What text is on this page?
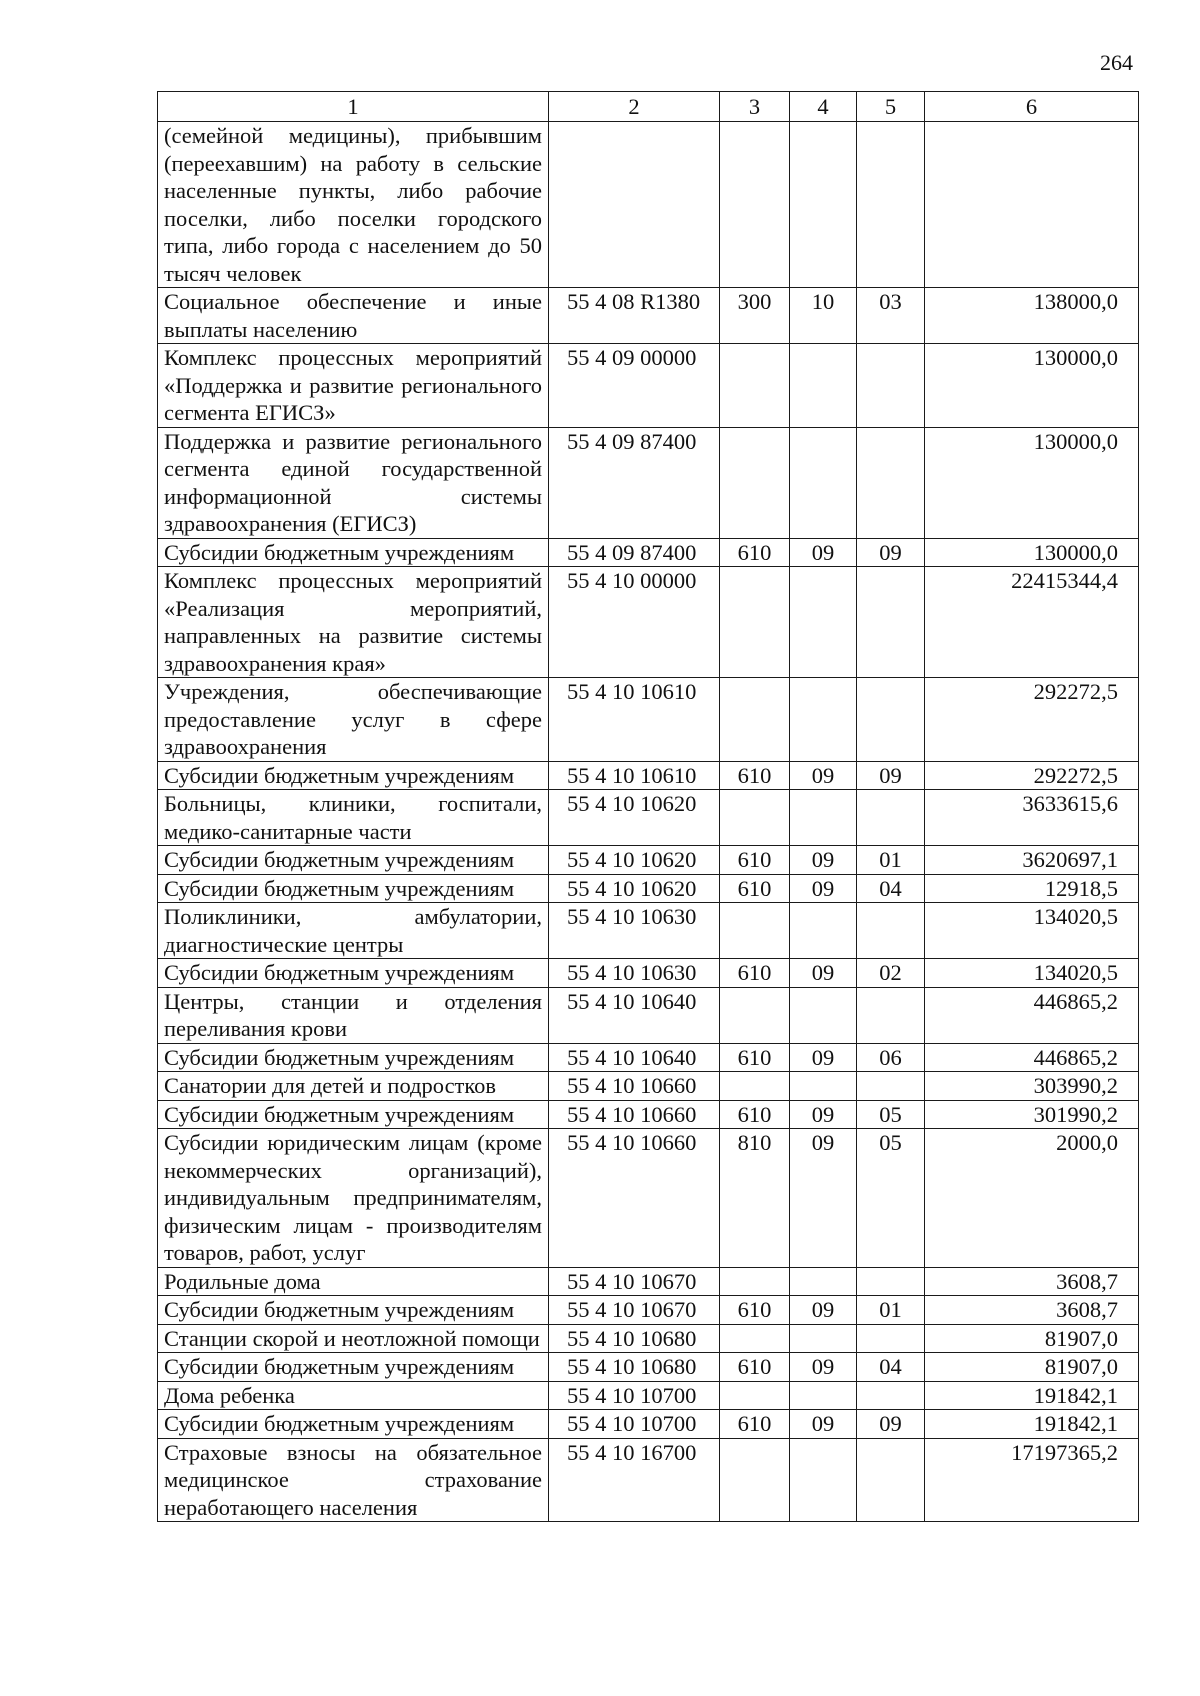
264
1	2	3	4	5	6
(семейной медицины), прибывшим (переехавшим) на работу в сельские населенные пункты, либо рабочие поселки, либо поселки городского типа, либо города с населением до 50 тысяч человек					
Социальное обеспечение и иные выплаты населению	55 4 08 R1380	300	10	03	138000,0
Комплекс процессных мероприятий «Поддержка и развитие регионального сегмента ЕГИСЗ»	55 4 09 00000				130000,0
Поддержка и развитие регионального сегмента единой государственной информационной системы здравоохранения (ЕГИСЗ)	55 4 09 87400				130000,0
Субсидии бюджетным учреждениям	55 4 09 87400	610	09	09	130000,0
Комплекс процессных мероприятий «Реализация мероприятий, направленных на развитие системы здравоохранения края»	55 4 10 00000				22415344,4
Учреждения, обеспечивающие предоставление услуг в сфере здравоохранения	55 4 10 10610				292272,5
Субсидии бюджетным учреждениям	55 4 10 10610	610	09	09	292272,5
Больницы, клиники, госпитали, медико-санитарные части	55 4 10 10620				3633615,6
Субсидии бюджетным учреждениям	55 4 10 10620	610	09	01	3620697,1
Субсидии бюджетным учреждениям	55 4 10 10620	610	09	04	12918,5
Поликлиники, амбулатории, диагностические центры	55 4 10 10630				134020,5
Субсидии бюджетным учреждениям	55 4 10 10630	610	09	02	134020,5
Центры, станции и отделения переливания крови	55 4 10 10640				446865,2
Субсидии бюджетным учреждениям	55 4 10 10640	610	09	06	446865,2
Санатории для детей и подростков	55 4 10 10660				303990,2
Субсидии бюджетным учреждениям	55 4 10 10660	610	09	05	301990,2
Субсидии юридическим лицам (кроме некоммерческих организаций), индивидуальным предпринимателям, физическим лицам - производителям товаров, работ, услуг	55 4 10 10660	810	09	05	2000,0
Родильные дома	55 4 10 10670				3608,7
Субсидии бюджетным учреждениям	55 4 10 10670	610	09	01	3608,7
Станции скорой и неотложной помощи	55 4 10 10680				81907,0
Субсидии бюджетным учреждениям	55 4 10 10680	610	09	04	81907,0
Дома ребенка	55 4 10 10700				191842,1
Субсидии бюджетным учреждениям	55 4 10 10700	610	09	09	191842,1
Страховые взносы на обязательное медицинское страхование неработающего населения	55 4 10 16700				17197365,2
